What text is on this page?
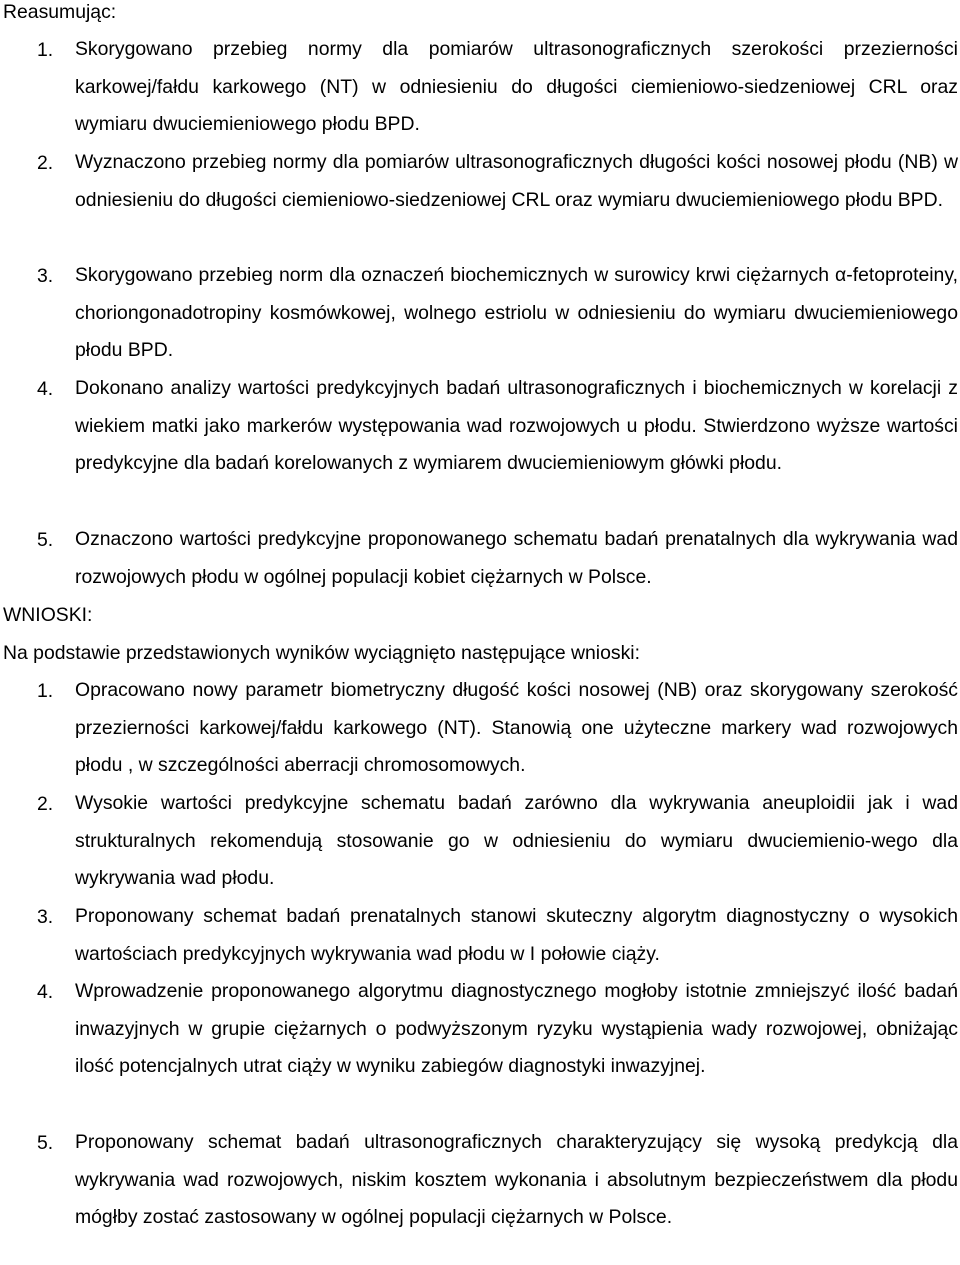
Reasumując:
1. Skorygowano przebieg normy dla pomiarów ultrasonograficznych szerokości przezierności karkowej/fałdu karkowego (NT) w odniesieniu do długości ciemieniowo-siedzeniowej CRL oraz wymiaru dwuciemieniowego płodu BPD.
2. Wyznaczono przebieg normy dla pomiarów ultrasonograficznych długości kości nosowej płodu (NB) w odniesieniu do długości ciemieniowo-siedzeniowej CRL oraz wymiaru dwuciemieniowego płodu BPD.
3. Skorygowano przebieg norm dla oznaczeń biochemicznych w surowicy krwi ciężarnych α-fetoproteiny, choriongonadotropiny kosmówkowej, wolnego estriolu w odniesieniu do wymiaru dwuciemieniowego płodu BPD.
4. Dokonano analizy wartości predykcyjnych badań ultrasonograficznych i biochemicznych w korelacji z wiekiem matki jako markerów występowania wad rozwojowych u płodu. Stwierdzono wyższe wartości predykcyjne dla badań korelowanych z wymiarem dwuciemieniowym główki płodu.
5. Oznaczono wartości predykcyjne proponowanego schematu badań prenatalnych dla wykrywania wad rozwojowych płodu w ogólnej populacji kobiet ciężarnych w Polsce.
WNIOSKI:
Na podstawie przedstawionych wyników wyciągnięto następujące wnioski:
1. Opracowano nowy parametr biometryczny długość kości nosowej (NB) oraz skorygowany szerokość przezierności karkowej/fałdu karkowego (NT). Stanowią one użyteczne markery wad rozwojowych płodu , w szczególności aberracji chromosomowych.
2. Wysokie wartości predykcyjne schematu badań zarówno dla wykrywania aneuploidii jak i wad strukturalnych rekomendują stosowanie go w odniesieniu do wymiaru dwuciemienio-wego dla wykrywania wad płodu.
3. Proponowany schemat badań prenatalnych stanowi skuteczny algorytm diagnostyczny o wysokich wartościach predykcyjnych wykrywania wad płodu w I połowie ciąży.
4. Wprowadzenie proponowanego algorytmu diagnostycznego mogłoby istotnie zmniejszyć ilość badań inwazyjnych w grupie ciężarnych o podwyższonym ryzyku wystąpienia wady rozwojowej, obniżając ilość potencjalnych utrat ciąży w wyniku zabiegów diagnostyki inwazyjnej.
5. Proponowany schemat badań ultrasonograficznych charakteryzujący się wysoką predykcją dla wykrywania wad rozwojowych, niskim kosztem wykonania i absolutnym bezpieczeństwem dla płodu mógłby zostać zastosowany w ogólnej populacji ciężarnych w Polsce.
